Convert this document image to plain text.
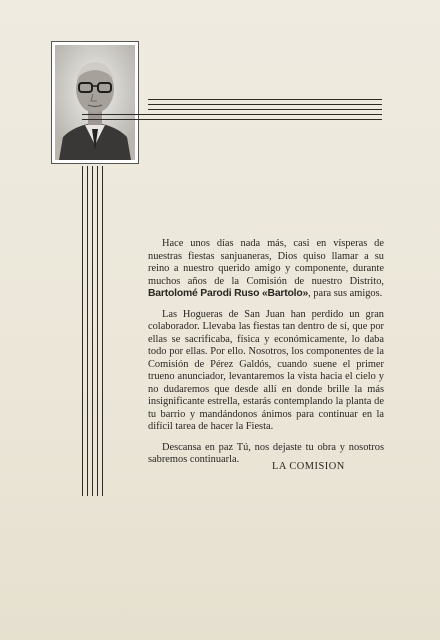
Hace unos días nada más, casi en vísperas de nuestras fiestas sanjuaneras, Dios quiso llamar a su reino a nuestro querido amigo y componente, durante muchos años de la Comisión de nuestro Distrito, Bartolomé Parodi Ruso «Bartolo», para sus amigos.

Las Hogueras de San Juan han perdido un gran colaborador. Llevaba las fiestas tan dentro de sí, que por ellas se sacrificaba, física y económicamente, lo daba todo por ellas. Por ello. Nosotros, los componentes de la Comisión de Pérez Galdós, cuando suene el primer trueno anunciador, levantaremos la vista hacia el cielo y no dudaremos que desde allí en donde brille la más insignificante estrella, estarás contemplando la planta de tu barrio y mandándonos ánimos para continuar en la difícil tarea de hacer la Fiesta.

Descansa en paz Tú, nos dejaste tu obra y nosotros sabremos continuarla.

LA COMISION
